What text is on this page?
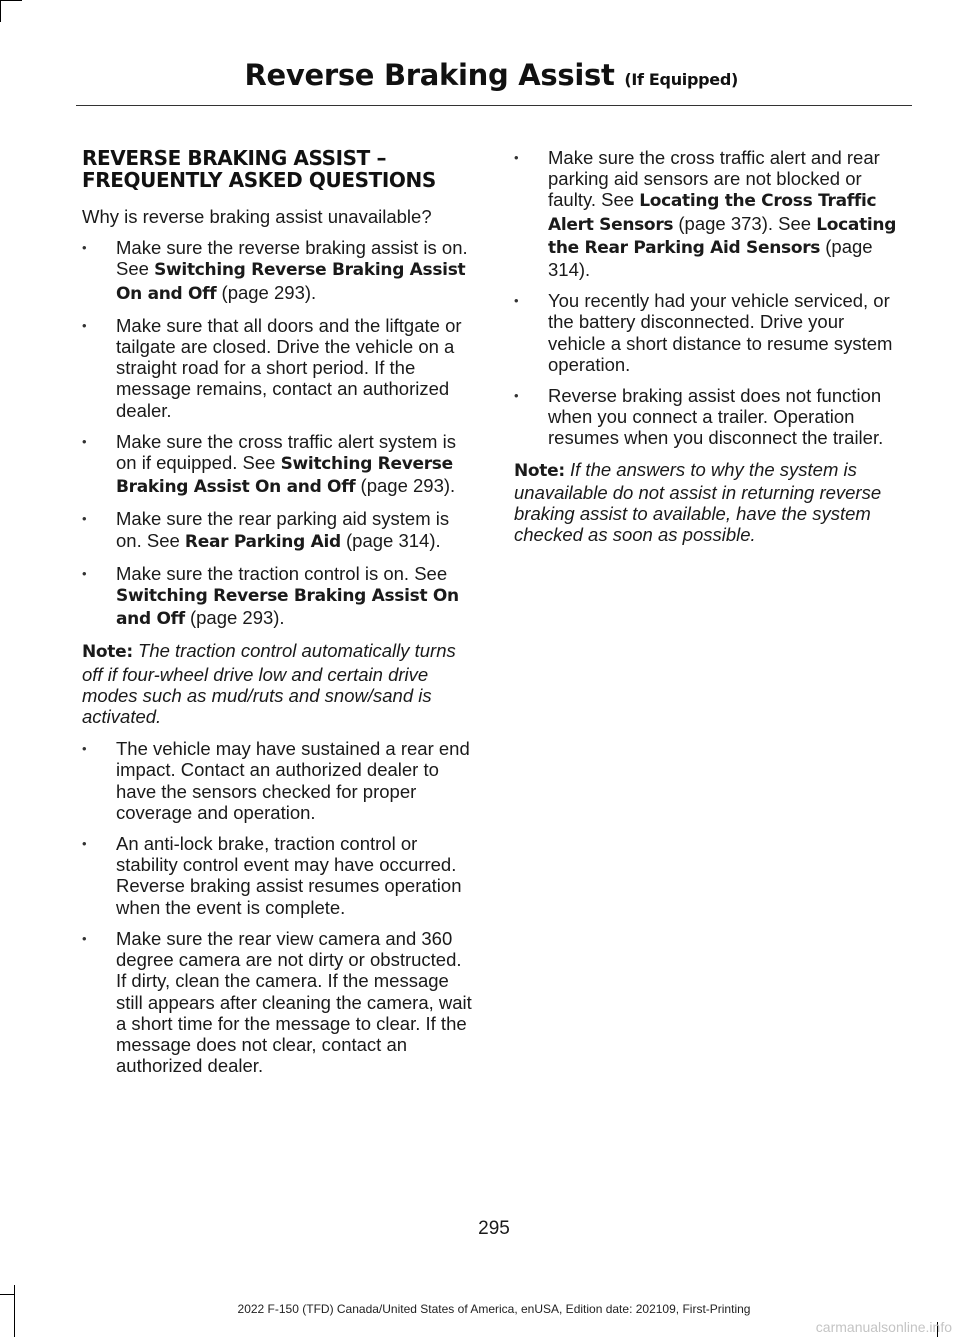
Reverse Braking Assist (If Equipped)
REVERSE BRAKING ASSIST –
FREQUENTLY ASKED QUESTIONS

Why is reverse braking assist unavailable?

• Make sure the reverse braking assist is on. See Switching Reverse Braking Assist On and Off (page 293).
• Make sure that all doors and the liftgate or tailgate are closed. Drive the vehicle on a straight road for a short period. If the message remains, contact an authorized dealer.
• Make sure the cross traffic alert system is on if equipped. See Switching Reverse Braking Assist On and Off (page 293).
• Make sure the rear parking aid system is on. See Rear Parking Aid (page 314).
• Make sure the traction control is on. See Switching Reverse Braking Assist On and Off (page 293).

Note: The traction control automatically turns off if four-wheel drive low and certain drive modes such as mud/ruts and snow/sand is activated.

• The vehicle may have sustained a rear end impact. Contact an authorized dealer to have the sensors checked for proper coverage and operation.
• An anti-lock brake, traction control or stability control event may have occurred. Reverse braking assist resumes operation when the event is complete.
• Make sure the rear view camera and 360 degree camera are not dirty or obstructed. If dirty, clean the camera. If the message still appears after cleaning the camera, wait a short time for the message to clear. If the message does not clear, contact an authorized dealer.
• Make sure the cross traffic alert and rear parking aid sensors are not blocked or faulty. See Locating the Cross Traffic Alert Sensors (page 373). See Locating the Rear Parking Aid Sensors (page 314).
• You recently had your vehicle serviced, or the battery disconnected. Drive your vehicle a short distance to resume system operation.
• Reverse braking assist does not function when you connect a trailer. Operation resumes when you disconnect the trailer.

Note: If the answers to why the system is unavailable do not assist in returning reverse braking assist to available, have the system checked as soon as possible.

295
2022 F-150 (TFD) Canada/United States of America, enUSA, Edition date: 202109, First-Printing
carmanualsonline.info
